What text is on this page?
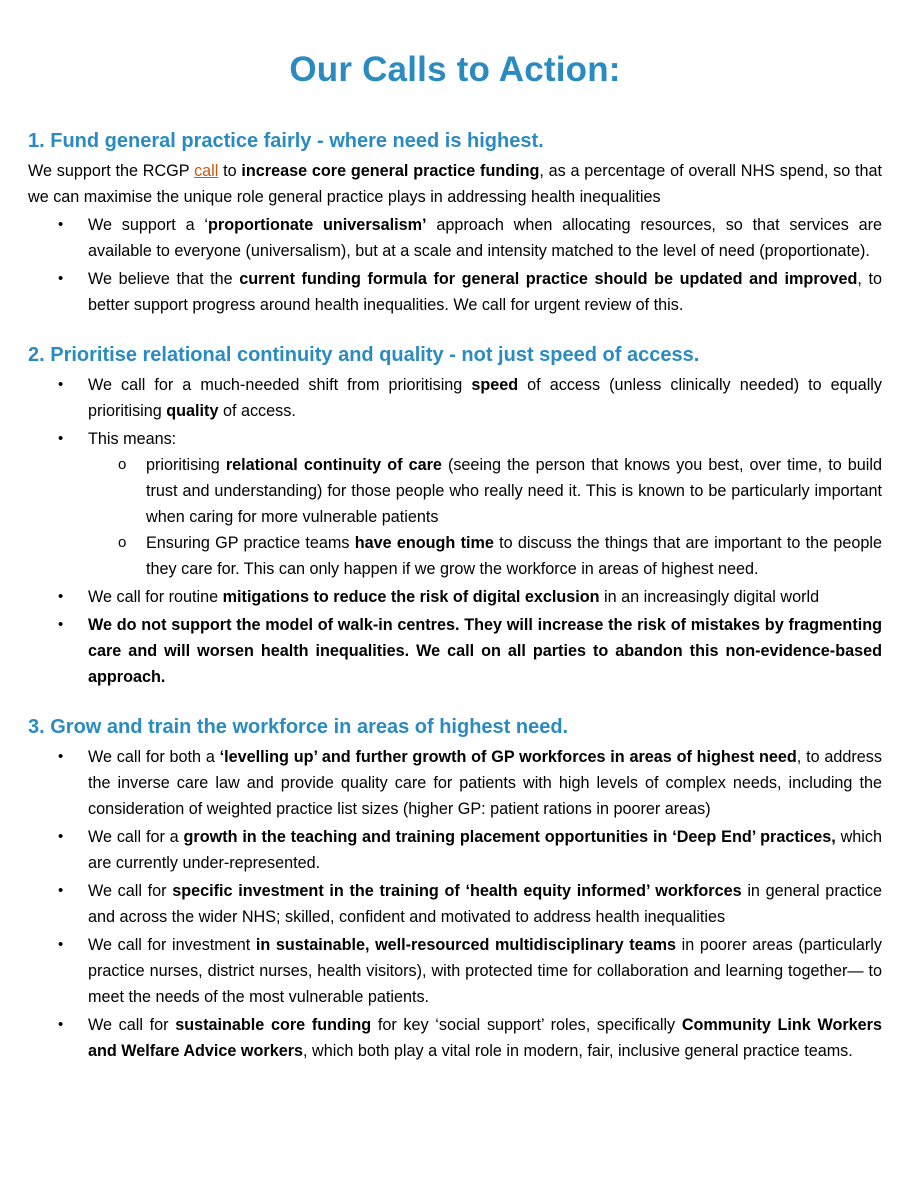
Our Calls to Action:
1. Fund general practice fairly - where need is highest.

We support the RCGP call to increase core general practice funding, as a percentage of overall NHS spend, so that we can maximise the unique role general practice plays in addressing health inequalities

• We support a ‘proportionate universalism’ approach when allocating resources, so that services are available to everyone (universalism), but at a scale and intensity matched to the level of need (proportionate).
• We believe that the current funding formula for general practice should be updated and improved, to better support progress around health inequalities. We call for urgent review of this.
2. Prioritise relational continuity and quality - not just speed of access.
• We call for a much-needed shift from prioritising speed of access (unless clinically needed) to equally prioritising quality of access.
• This means:
o prioritising relational continuity of care (seeing the person that knows you best, over time, to build trust and understanding) for those people who really need it. This is known to be particularly important when caring for more vulnerable patients
o Ensuring GP practice teams have enough time to discuss the things that are important to the people they care for. This can only happen if we grow the workforce in areas of highest need.
• We call for routine mitigations to reduce the risk of digital exclusion in an increasingly digital world
• We do not support the model of walk-in centres. They will increase the risk of mistakes by fragmenting care and will worsen health inequalities. We call on all parties to abandon this non-evidence-based approach.
3. Grow and train the workforce in areas of highest need.
• We call for both a ‘levelling up’ and further growth of GP workforces in areas of highest need, to address the inverse care law and provide quality care for patients with high levels of complex needs, including the consideration of weighted practice list sizes (higher GP: patient rations in poorer areas)
• We call for a growth in the teaching and training placement opportunities in ‘Deep End’ practices, which are currently under-represented.
• We call for specific investment in the training of ‘health equity informed’ workforces in general practice and across the wider NHS; skilled, confident and motivated to address health inequalities
• We call for investment in sustainable, well-resourced multidisciplinary teams in poorer areas (particularly practice nurses, district nurses, health visitors), with protected time for collaboration and learning together— to meet the needs of the most vulnerable patients.
• We call for sustainable core funding for key ‘social support’ roles, specifically Community Link Workers and Welfare Advice workers, which both play a vital role in modern, fair, inclusive general practice teams.
